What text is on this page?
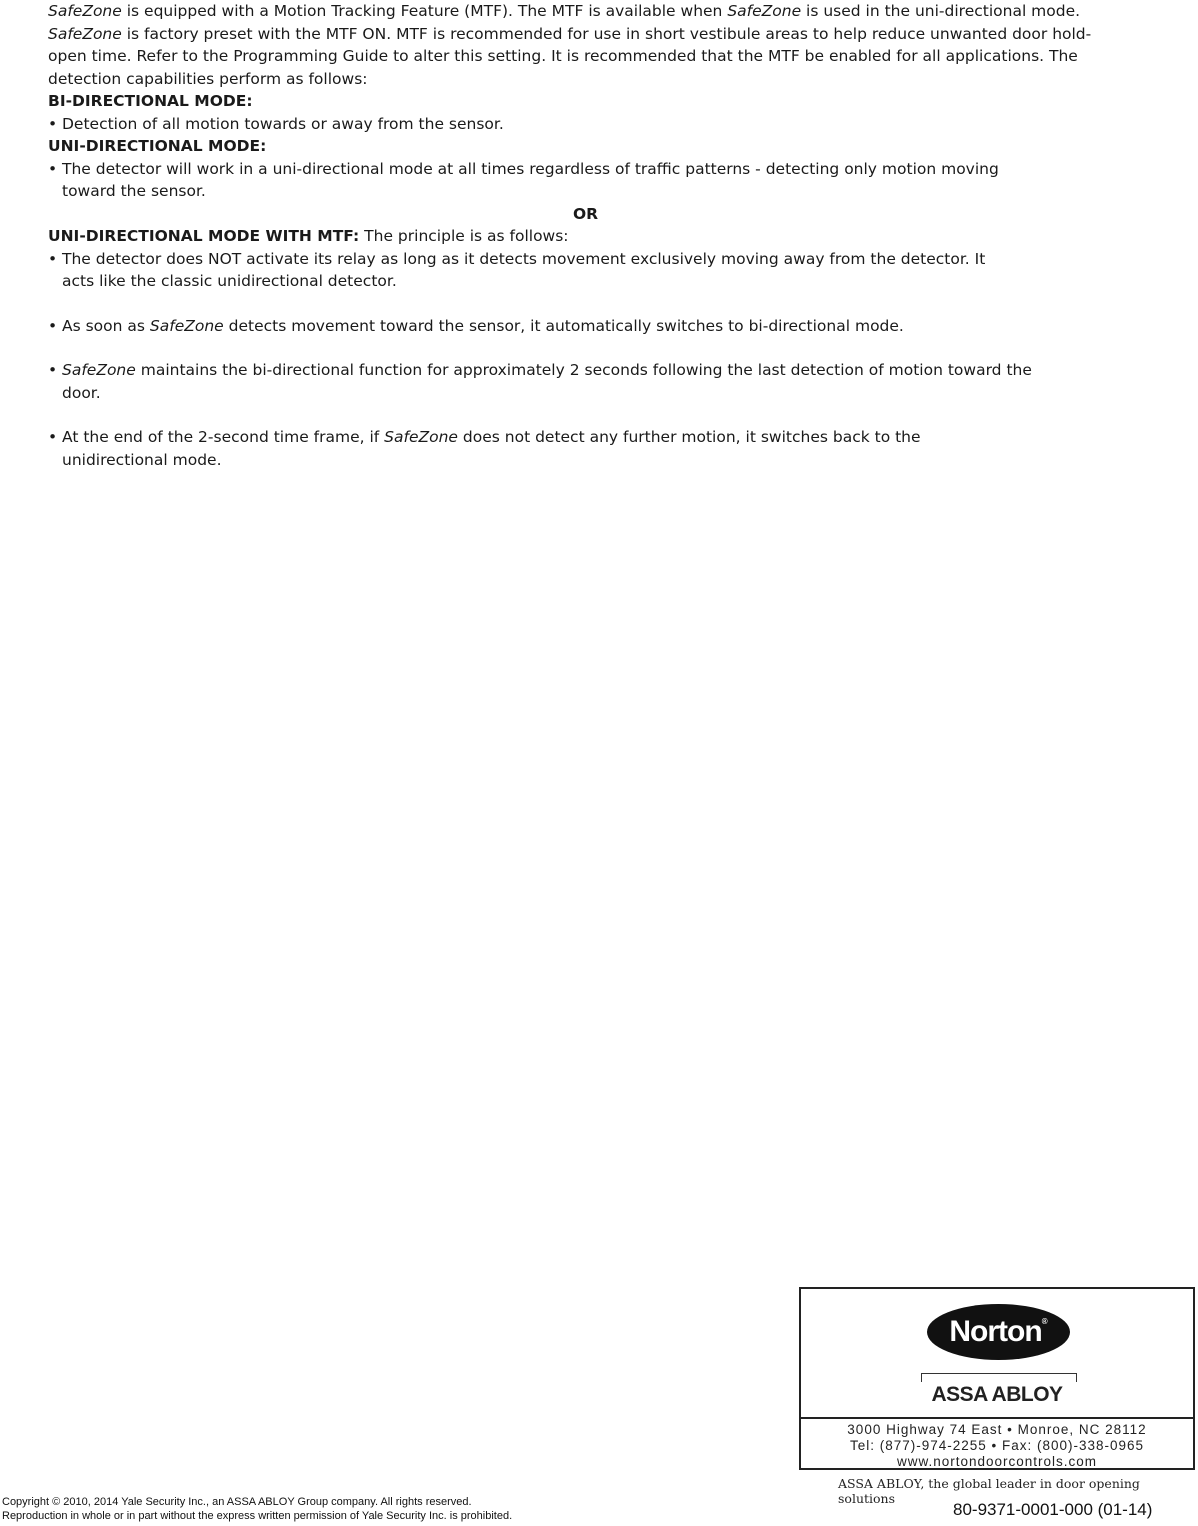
SafeZone is equipped with a Motion Tracking Feature (MTF). The MTF is available when SafeZone is used in the uni-directional mode. SafeZone is factory preset with the MTF ON. MTF is recommended for use in short vestibule areas to help reduce unwanted door hold-open time. Refer to the Programming Guide to alter this setting. It is recommended that the MTF be enabled for all applications. The detection capabilities perform as follows:

BI-DIRECTIONAL MODE:

• Detection of all motion towards or away from the sensor.

UNI-DIRECTIONAL MODE:

• The detector will work in a uni-directional mode at all times regardless of traffic patterns - detecting only motion moving toward the sensor.

OR

UNI-DIRECTIONAL MODE WITH MTF: The principle is as follows:

• The detector does NOT activate its relay as long as it detects movement exclusively moving away from the detector. It acts like the classic unidirectional detector.
• As soon as SafeZone detects movement toward the sensor, it automatically switches to bi-directional mode.
• SafeZone maintains the bi-directional function for approximately 2 seconds following the last detection of motion toward the door.
• At the end of the 2-second time frame, if SafeZone does not detect any further motion, it switches back to the unidirectional mode.
Norton®
ASSA ABLOY
3000 Highway 74 East • Monroe, NC 28112
Tel: (877)-974-2255 • Fax: (800)-338-0965
www.nortondoorcontrols.com
ASSA ABLOY, the global leader in door opening solutions
Copyright © 2010, 2014 Yale Security Inc., an ASSA ABLOY Group company. All rights reserved.
Reproduction in whole or in part without the express written permission of Yale Security Inc. is prohibited.	80-9371-0001-000 (01-14)
